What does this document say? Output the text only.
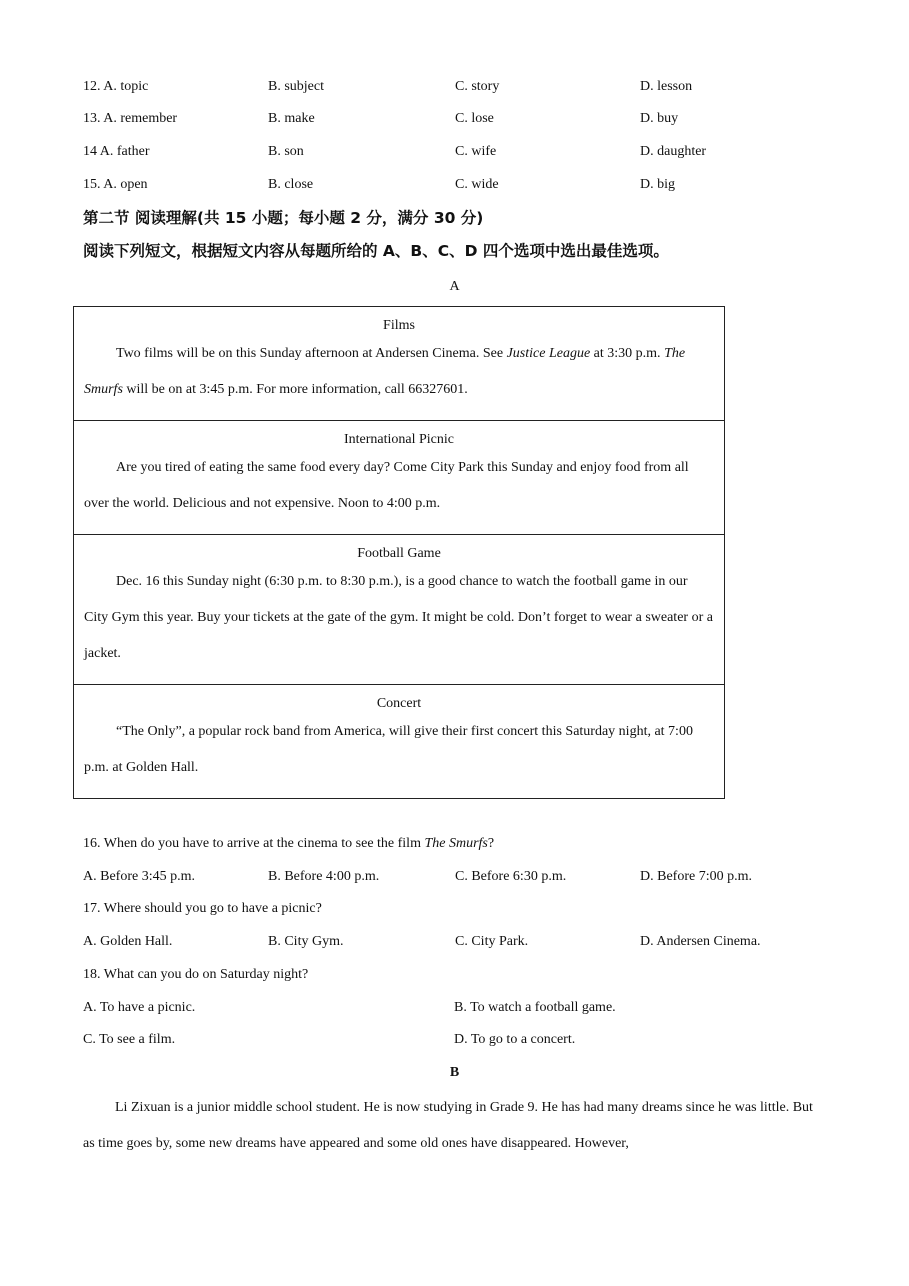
12. A. topic	B. subject	C. story	D. lesson
13. A. remember	B. make	C. lose	D. buy
14 A. father	B. son	C. wife	D. daughter
15. A. open	B. close	C. wide	D. big
第二节 阅读理解(共 15 小题；每小题 2 分，满分 30 分)
阅读下列短文，根据短文内容从每题所给的 A、B、C、D 四个选项中选出最佳选项。
A
Films
Two films will be on this Sunday afternoon at Andersen Cinema. See Justice League at 3:30 p.m. The Smurfs will be on at 3:45 p.m. For more information, call 66327601.
International Picnic
Are you tired of eating the same food every day? Come City Park this Sunday and enjoy food from all over the world. Delicious and not expensive. Noon to 4:00 p.m.
Football Game
Dec. 16 this Sunday night (6:30 p.m. to 8:30 p.m.), is a good chance to watch the football game in our City Gym this year. Buy your tickets at the gate of the gym. It might be cold. Don’t forget to wear a sweater or a jacket.
Concert
“The Only”, a popular rock band from America, will give their first concert this Saturday night, at 7:00 p.m. at Golden Hall.
16. When do you have to arrive at the cinema to see the film The Smurfs?
A. Before 3:45 p.m.	B. Before 4:00 p.m.	C. Before 6:30 p.m.	D. Before 7:00 p.m.
17. Where should you go to have a picnic?
A. Golden Hall.	B. City Gym.	C. City Park.	D. Andersen Cinema.
18. What can you do on Saturday night?
A. To have a picnic.	B. To watch a football game.
C. To see a film.	D. To go to a concert.
B
Li Zixuan is a junior middle school student. He is now studying in Grade 9. He has had many dreams since he was little. But as time goes by, some new dreams have appeared and some old ones have disappeared. However,
